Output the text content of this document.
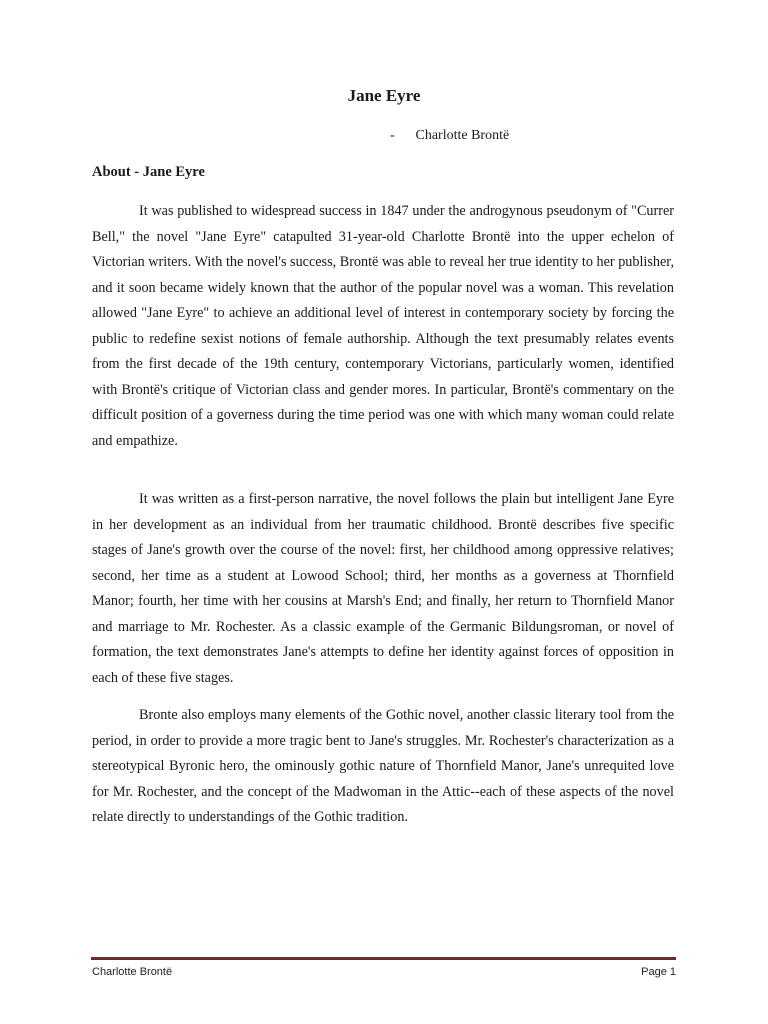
Jane Eyre
- Charlotte Brontë
About - Jane Eyre

It was published to widespread success in 1847 under the androgynous pseudonym of "Currer Bell," the novel "Jane Eyre" catapulted 31-year-old Charlotte Brontë into the upper echelon of Victorian writers. With the novel's success, Brontë was able to reveal her true identity to her publisher, and it soon became widely known that the author of the popular novel was a woman. This revelation allowed "Jane Eyre" to achieve an additional level of interest in contemporary society by forcing the public to redefine sexist notions of female authorship. Although the text presumably relates events from the first decade of the 19th century, contemporary Victorians, particularly women, identified with Brontë's critique of Victorian class and gender mores. In particular, Brontë's commentary on the difficult position of a governess during the time period was one with which many woman could relate and empathize.

It was written as a first-person narrative, the novel follows the plain but intelligent Jane Eyre in her development as an individual from her traumatic childhood. Brontë describes five specific stages of Jane's growth over the course of the novel: first, her childhood among oppressive relatives; second, her time as a student at Lowood School; third, her months as a governess at Thornfield Manor; fourth, her time with her cousins at Marsh's End; and finally, her return to Thornfield Manor and marriage to Mr. Rochester. As a classic example of the Germanic Bildungsroman, or novel of formation, the text demonstrates Jane's attempts to define her identity against forces of opposition in each of these five stages.

Bronte also employs many elements of the Gothic novel, another classic literary tool from the period, in order to provide a more tragic bent to Jane's struggles. Mr. Rochester's characterization as a stereotypical Byronic hero, the ominously gothic nature of Thornfield Manor, Jane's unrequited love for Mr. Rochester, and the concept of the Madwoman in the Attic--each of these aspects of the novel relate directly to understandings of the Gothic tradition.

Charlotte Brontë	Page 1
